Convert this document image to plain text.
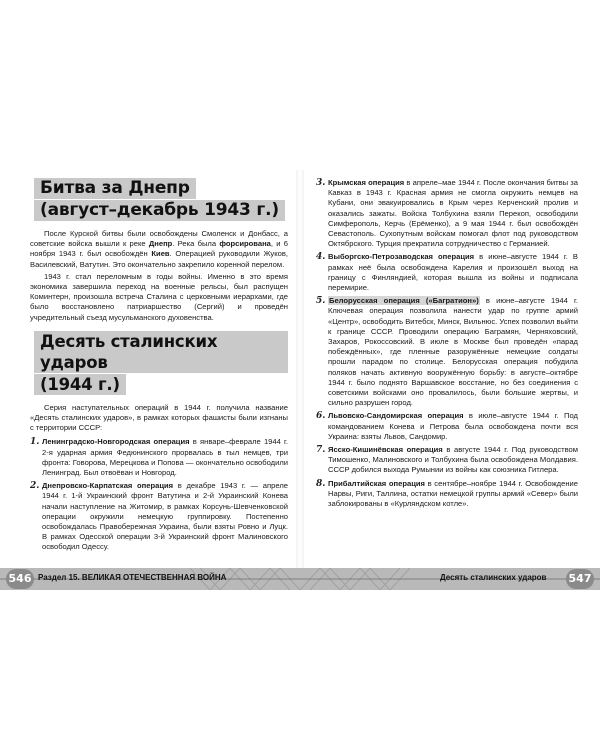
Битва за Днепр
(август–декабрь 1943 г.)

После Курской битвы были освобождены Смоленск и Донбасс, а советские войска вышли к реке Днепр. Река была форсирована, и 6 ноября 1943 г. был освобождён Киев. Операцией руководили Жуков, Василевский, Ватутин. Это окончательно закрепило коренной перелом.

1943 г. стал переломным в годы войны. Именно в это время экономика завершила переход на военные рельсы, был распущен Коминтерн, произошла встреча Сталина с церковными иерархами, где было восстановлено патриаршество (Сергий) и проведён учредительный съезд мусульманского духовенства.

Десять сталинских ударов
(1944 г.)
Серия наступательных операций в 1944 г. получила название «Десять сталинских ударов», в рамках которых фашисты были изгнаны с территории СССР:
1. Ленинградско-Новгородская операция в январе–феврале 1944 г. 2-я ударная армия Федюнинского прорвалась в тыл немцев, три фронта: Говорова, Мерецкова и Попова — окончательно освободили Ленинград. Был отвоёван и Новгород.
2. Днепровско-Карпатская операция в декабре 1943 г. — апреле 1944 г. 1-й Украинский фронт Ватутина и 2-й Украинский Конева начали наступление на Житомир, в рамках Корсунь-Шевченковской операции окружили немецкую группировку. Постепенно освобождалась Правобережная Украина, были взяты Ровно и Луцк. В рамках Одесской операции 3-й Украинский фронт Малиновского освободил Одессу.
3. Крымская операция в апреле–мае 1944 г. После окончания битвы за Кавказ в 1943 г. Красная армия не смогла окружить немцев на Кубани, они эвакуировались в Крым через Керченский пролив и оказались зажаты. Войска Толбухина взяли Перекоп, освободили Симферополь, Керчь (Ерёменко), а 9 мая 1944 г. был освобождён Севастополь. Сухопутным войскам помогал флот под руководством Октябрского. Турция прекратила сотрудничество с Германией.
4. Выборгско-Петрозаводская операция в июне–августе 1944 г. В рамках неё была освобождена Карелия и произошёл выход на границу с Финляндией, которая вышла из войны и подписала перемирие.
5. Белорусская операция («Багратион») в июне–августе 1944 г. Ключевая операция позволила нанести удар по группе армий «Центр», освободить Витебск, Минск, Вильнюс. Успех позволил выйти к границе СССР. Проводили операцию Баграмян, Черняховский, Захаров, Рокоссовский. В июле в Москве был проведён «парад побеждённых», где пленные разоружённые немецкие солдаты прошли парадом по столице. Белорусская операция побудила поляков начать активную вооружённую борьбу: в августе–октябре 1944 г. было поднято Варшавское восстание, но без соединения с советскими войсками оно провалилось, были большие жертвы, и сильно разрушен город.
6. Львовско-Сандомирская операция в июле–августе 1944 г. Под командованием Конева и Петрова была освобождена почти вся Украина: взяты Львов, Сандомир.
7. Ясско-Кишинёвская операция в августе 1944 г. Под руководством Тимошенко, Малиновского и Толбухина была освобождена Молдавия. СССР добился выхода Румынии из войны как союзника Гитлера.
8. Прибалтийская операция в сентябре–ноябре 1944 г. Освобождение Нарвы, Риги, Таллина, остатки немецкой группы армий «Север» были заблокированы в «Курляндском котле».
546 Раздел 15. ВЕЛИКАЯ ОТЕЧЕСТВЕННАЯ ВОЙНА	Десять сталинских ударов 547
